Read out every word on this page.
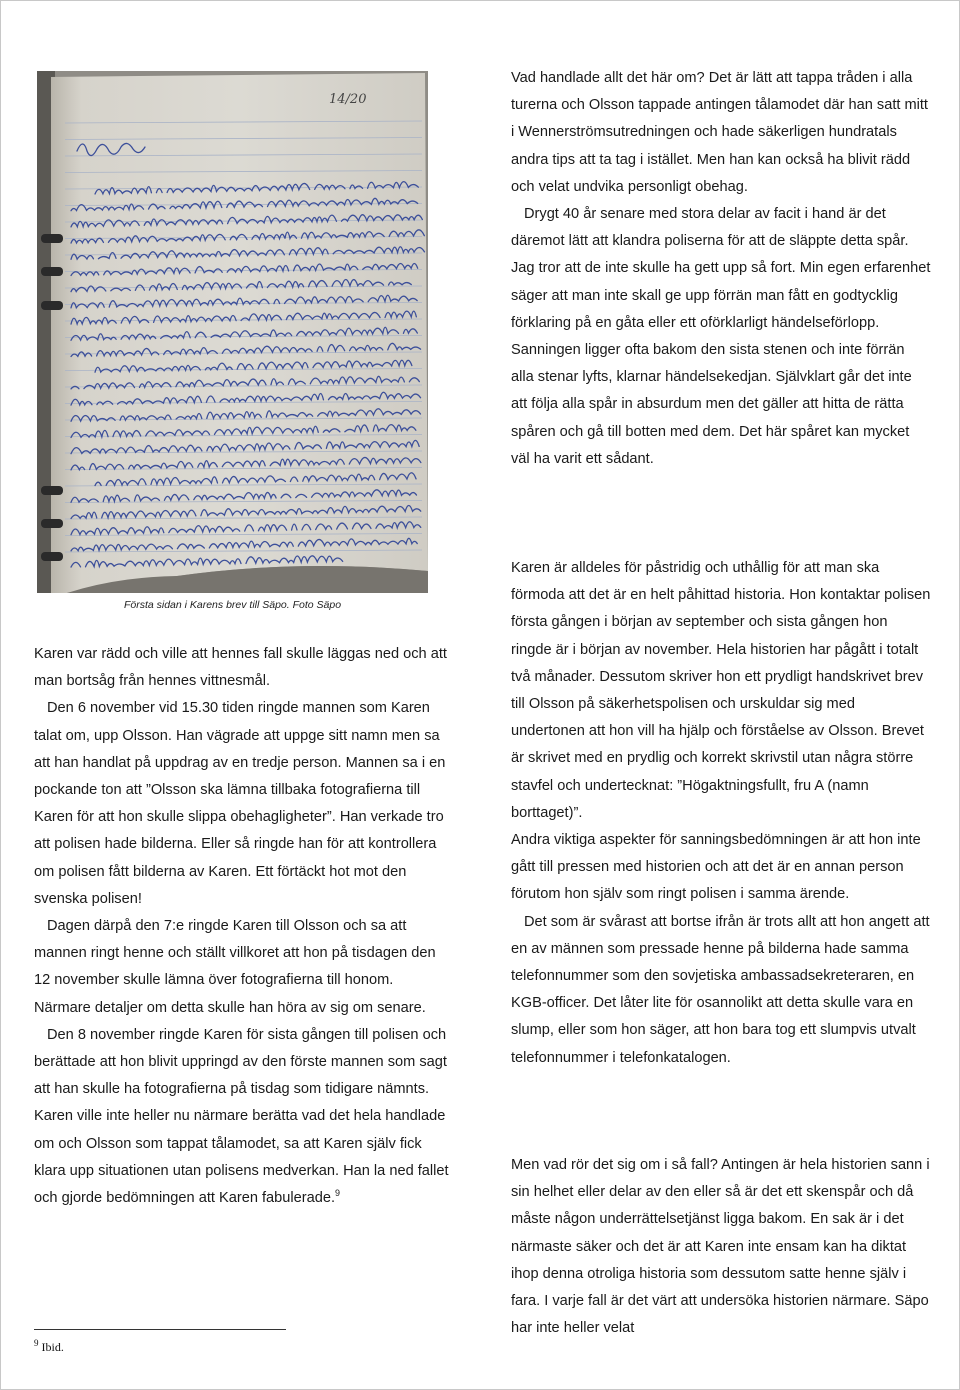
14/20
Första sidan i Karens brev till Säpo. Foto Säpo

Karen var rädd och ville att hennes fall skulle läggas ned och att man bortsåg från hennes vittnesmål.

Den 6 november vid 15.30 tiden ringde mannen som Karen talat om, upp Olsson. Han vägrade att uppge sitt namn men sa att han handlat på uppdrag av en tredje person. Mannen sa i en pockande ton att ”Olsson ska lämna tillbaka fotografierna till Karen för att hon skulle slippa obehagligheter”. Han verkade tro att polisen hade bilderna. Eller så ringde han för att kontrollera om polisen fått bilderna av Karen. Ett förtäckt hot mot den svenska polisen!

Dagen därpå den 7:e ringde Karen till Olsson och sa att mannen ringt henne och ställt villkoret att hon på tisdagen den 12 november skulle lämna över fotografierna till honom. Närmare detaljer om detta skulle han höra av sig om senare.

Den 8 november ringde Karen för sista gången till polisen och berättade att hon blivit uppringd av den förste mannen som sagt att han skulle ha fotografierna på tisdag som tidigare nämnts. Karen ville inte heller nu närmare berätta vad det hela handlade om och Olsson som tappat tålamodet, sa att Karen själv fick klara upp situationen utan polisens medverkan. Han la ned fallet och gjorde bedömningen att Karen fabulerade.$^9$

Vad handlade allt det här om? Det är lätt att tappa tråden i alla turerna och Olsson tappade antingen tålamodet där han satt mitt i Wennerströmsutredningen och hade säkerligen hundratals andra tips att ta tag i istället. Men han kan också ha blivit rädd och velat undvika personligt obehag.

Drygt 40 år senare med stora delar av facit i hand är det däremot lätt att klandra poliserna för att de släppte detta spår. Jag tror att de inte skulle ha gett upp så fort. Min egen erfarenhet säger att man inte skall ge upp förrän man fått en godtycklig förklaring på en gåta eller ett oförklarligt händelseförlopp. Sanningen ligger ofta bakom den sista stenen och inte förrän alla stenar lyfts, klarnar händelsekedjan. Självklart går det inte att följa alla spår in absurdum men det gäller att hitta de rätta spåren och gå till botten med dem. Det här spåret kan mycket väl ha varit ett sådant.

Karen är alldeles för påstridig och uthållig för att man ska förmoda att det är en helt påhittad historia. Hon kontaktar polisen första gången i början av september och sista gången hon ringde är i början av november. Hela historien har pågått i totalt två månader. Dessutom skriver hon ett prydligt handskrivet brev till Olsson på säkerhetspolisen och urskuldar sig med undertonen att hon vill ha hjälp och förståelse av Olsson. Brevet är skrivet med en prydlig och korrekt skrivstil utan några större stavfel och undertecknat: ”Högaktningsfullt, fru A (namn borttaget)”.

Andra viktiga aspekter för sanningsbedömningen är att hon inte gått till pressen med historien och att det är en annan person förutom hon själv som ringt polisen i samma ärende.

Det som är svårast att bortse ifrån är trots allt att hon angett att en av männen som pressade henne på bilderna hade samma telefonnummer som den sovjetiska ambassadsekreteraren, en KGB-officer. Det låter lite för osannolikt att detta skulle vara en slump, eller som hon säger, att hon bara tog ett slumpvis utvalt telefonnummer i telefonkatalogen.

Men vad rör det sig om i så fall? Antingen är hela historien sann i sin helhet eller delar av den eller så är det ett skenspår och då måste någon underrättelsetjänst ligga bakom. En sak är i det närmaste säker och det är att Karen inte ensam kan ha diktat ihop denna otroliga historia som dessutom satte henne själv i fara. I varje fall är det värt att undersöka historien närmare. Säpo har inte heller velat

$^9$ Ibid.
